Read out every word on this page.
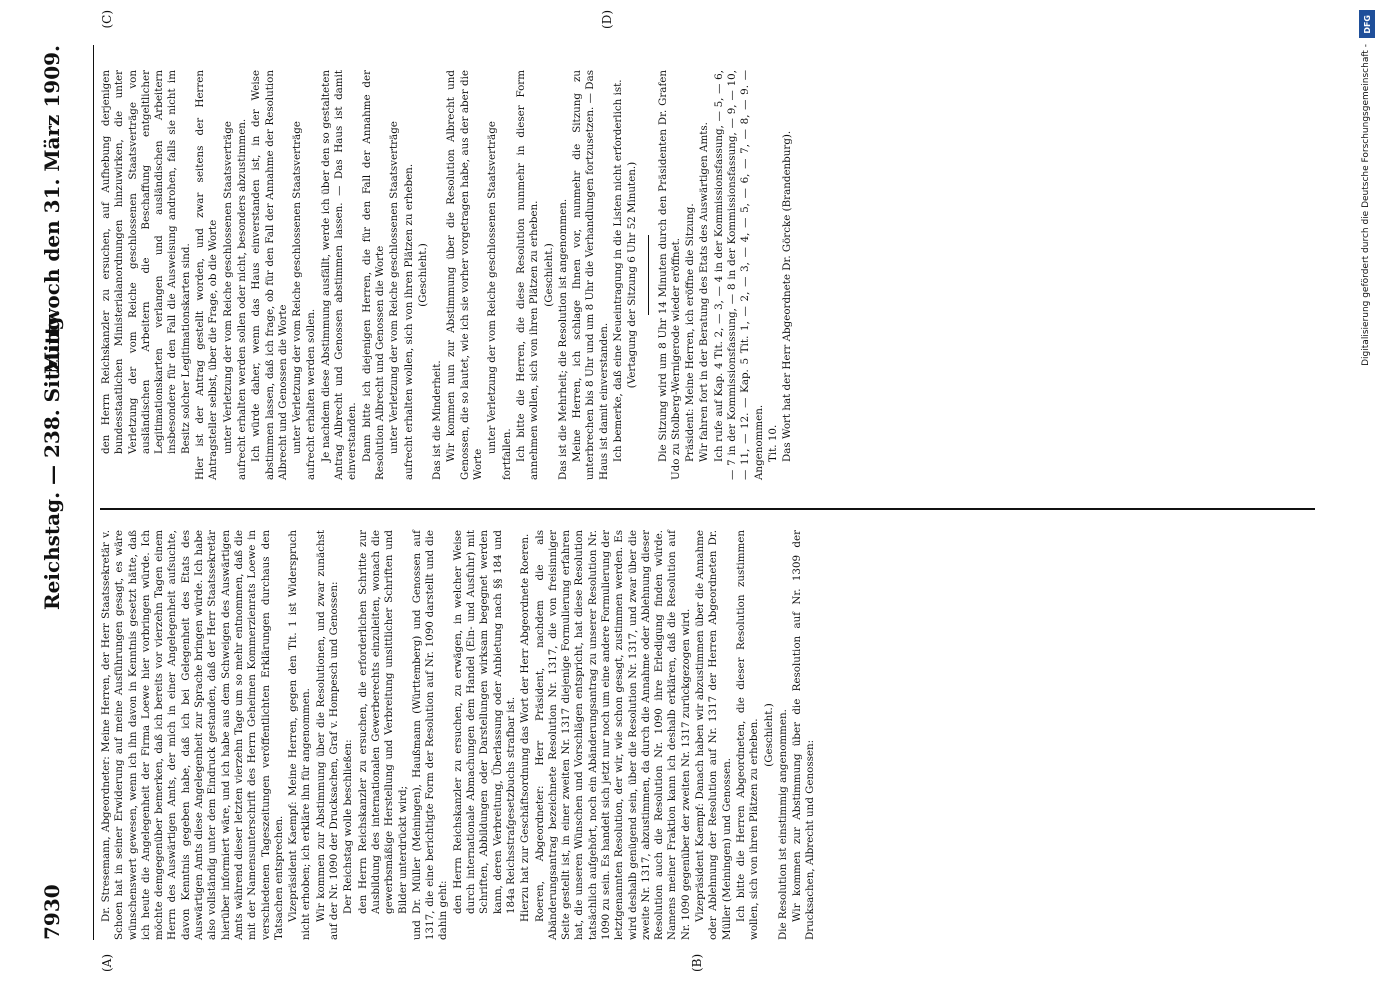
7930
Reichstag. — 238. Sitzung.
Mittwoch den 31. März 1909.
(A)	(B)
(C)	(D)

Dr. Stresemann, Abgeordneter: Meine Herren, der Herr Staatssekretär v. Schoen hat in seiner Erwiderung auf meine Ausführungen gesagt, es wäre wünschenswert gewesen, wenn ich ihn davon in Kenntnis gesetzt hätte, daß ich heute die Angelegenheit der Firma Loewe hier vorbringen würde. Ich möchte demgegenüber bemerken, daß ich bereits vor vierzehn Tagen einem Herrn des Auswärtigen Amts, der mich in einer Angelegenheit aufsuchte, davon Kenntnis gegeben habe, daß ich bei Gelegenheit des Etats des Auswärtigen Amts diese Angelegenheit zur Sprache bringen würde. Ich habe also vollständig unter dem Eindruck gestanden, daß der Herr Staatssekretär hierüber informiert wäre, und ich habe aus dem Schweigen des Auswärtigen Amts während dieser letzten vierzehn Tage um so mehr entnommen, daß die mit der Namensunterschrift des Herrn Geheimen Kommerzienrats Loewe in verschiedenen Tageszeitungen veröffentlichten Erklärungen durchaus den Tatsachen entsprechen. Vizepräsident Kaempf: Meine Herren, gegen den Tit. 1 ist Widerspruch nicht erhoben; ich erkläre ihn für angenommen. Wir kommen zur Abstimmung über die Resolutionen, und zwar zunächst auf der Nr. 1090 der Drucksachen, Graf v. Hompesch und Genossen: Der Reichstag wolle beschließen: den Herrn Reichskanzler zu ersuchen, die erforderlichen Schritte zur Ausbildung des internationalen Gewerberechts einzuleiten, wonach die gewerbsmäßige Herstellung und Verbreitung unsittlicher Schriften und Bilder unterdrückt wird; und Dr. Müller (Meiningen), Haußmann (Württemberg) und Genossen auf 1317, die eine berichtigte Form der Resolution auf Nr. 1090 darstellt und die dahin geht: den Herrn Reichskanzler zu ersuchen, zu erwägen, in welcher Weise durch internationale Abmachungen dem Handel (Ein- und Ausfuhr) mit Schriften, Abbildungen oder Darstellungen wirksam begegnet werden kann, deren Verbreitung, Überlassung oder Anbietung nach §§ 184 und 184a Reichsstrafgesetzbuchs strafbar ist. Hierzu hat zur Geschäftsordnung das Wort der Herr Abgeordnete Roeren. Roeren, Abgeordneter: Herr Präsident, nachdem die als Abänderungsantrag bezeichnete Resolution Nr. 1317, die von freisinniger Seite gestellt ist, in einer zweiten Nr. 1317 diejenige Formulierung erfahren hat, die unseren Wünschen und Vorschlägen entspricht, hat diese Resolution tatsächlich aufgehört, noch ein Abänderungsantrag zu unserer Resolution Nr. 1090 zu sein. Es handelt sich jetzt nur noch um eine andere Formulierung der letztgenannten Resolution, der wir, wie schon gesagt, zustimmen werden. Es wird deshalb genügend sein, über die Resolution Nr. 1317, und zwar über die zweite Nr. 1317, abzustimmen, da durch die Annahme oder Ablehnung dieser Resolution auch die Resolution Nr. 1090 ihre Erledigung finden würde. Namens meiner Fraktion kann ich deshalb erklären, daß die Resolution auf Nr. 1090 gegenüber der zweiten Nr. 1317 zurückgezogen wird. Vizepräsident Kaempf: Danach haben wir abzustimmen über die Annahme oder Ablehnung der Resolution auf Nr. 1317 der Herren Abgeordneten Dr. Müller (Meiningen) und Genossen. Ich bitte die Herren Abgeordneten, die dieser Resolution zustimmen wollen, sich von ihren Plätzen zu erheben. (Geschieht.) Die Resolution ist einstimmig angenommen. Wir kommen zur Abstimmung über die Resolution auf Nr. 1309 der Drucksachen, Albrecht und Genossen:

den Herrn Reichskanzler zu ersuchen, auf Aufhebung derjenigen bundesstaatlichen Ministerialanordnungen hinzuwirken, die unter Verletzung der vom Reiche geschlossenen Staatsverträge von ausländischen Arbeitern die Beschaffung entgeltlicher Legitimationskarten verlangen und ausländischen Arbeitern insbesondere für den Fall die Ausweisung androhen, falls sie nicht im Besitz solcher Legitimationskarten sind. Hier ist der Antrag gestellt worden, und zwar seitens der Herren Antragsteller selbst, über die Frage, ob die Worte unter Verletzung der vom Reiche geschlossenen Staatsverträge aufrecht erhalten werden sollen oder nicht, besonders abzustimmen. Ich würde daher, wenn das Haus einverstanden ist, in der Weise abstimmen lassen, daß ich frage, ob für den Fall der Annahme der Resolution Albrecht und Genossen die Worte unter Verletzung der vom Reiche geschlossenen Staatsverträge aufrecht erhalten werden sollen. Je nachdem diese Abstimmung ausfällt, werde ich über den so gestalteten Antrag Albrecht und Genossen abstimmen lassen. — Das Haus ist damit einverstanden. Dann bitte ich diejenigen Herren, die für den Fall der Annahme der Resolution Albrecht und Genossen die Worte unter Verletzung der vom Reiche geschlossenen Staatsverträge aufrecht erhalten wollen, sich von ihren Plätzen zu erheben. (Geschieht.)

Das ist die Minderheit. Wir kommen nun zur Abstimmung über die Resolution Albrecht und Genossen, die so lautet, wie ich sie vorher vorgetragen habe, aus der aber die Worte

unter Verletzung der vom Reiche geschlossenen Staatsverträge

fortfallen. Ich bitte die Herren, die diese Resolution nunmehr in dieser Form annehmen wollen, sich von ihren Plätzen zu erheben. (Geschieht.) Das ist die Mehrheit; die Resolution ist angenommen. Meine Herren, ich schlage Ihnen vor, nunmehr die Sitzung zu unterbrechen bis 8 Uhr und um 8 Uhr die Verhandlungen fortzusetzen. — Das Haus ist damit einverstanden. Ich bemerke, daß eine Neueintragung in die Listen nicht erforderlich ist. (Vertagung der Sitzung 6 Uhr 52 Minuten.) Die Sitzung wird um 8 Uhr 14 Minuten durch den Präsidenten Dr. Grafen Udo zu Stolberg-Wernigerode wieder eröffnet. Präsident: Meine Herren, ich eröffne die Sitzung. Wir fahren fort in der Beratung des Etats des Auswärtigen Amts. Ich rufe auf Kap. 4 Tit. 2, — 3, — 4 in der Kommissionsfassung, — 5, — 6, — 7 in der Kommissionsfassung, — 8 in der Kommissionsfassung, — 9, — 10, — 11, — 12. — Kap. 5 Tit. 1, — 2, — 3, — 4, — 5, — 6, — 7, — 8, — 9. — Angenommen. Tit. 10. Das Wort hat der Herr Abgeordnete Dr. Görcke (Brandenburg).

DFG
Digitalisierung gefördert durch die Deutsche Forschungsgemeinschaft -
